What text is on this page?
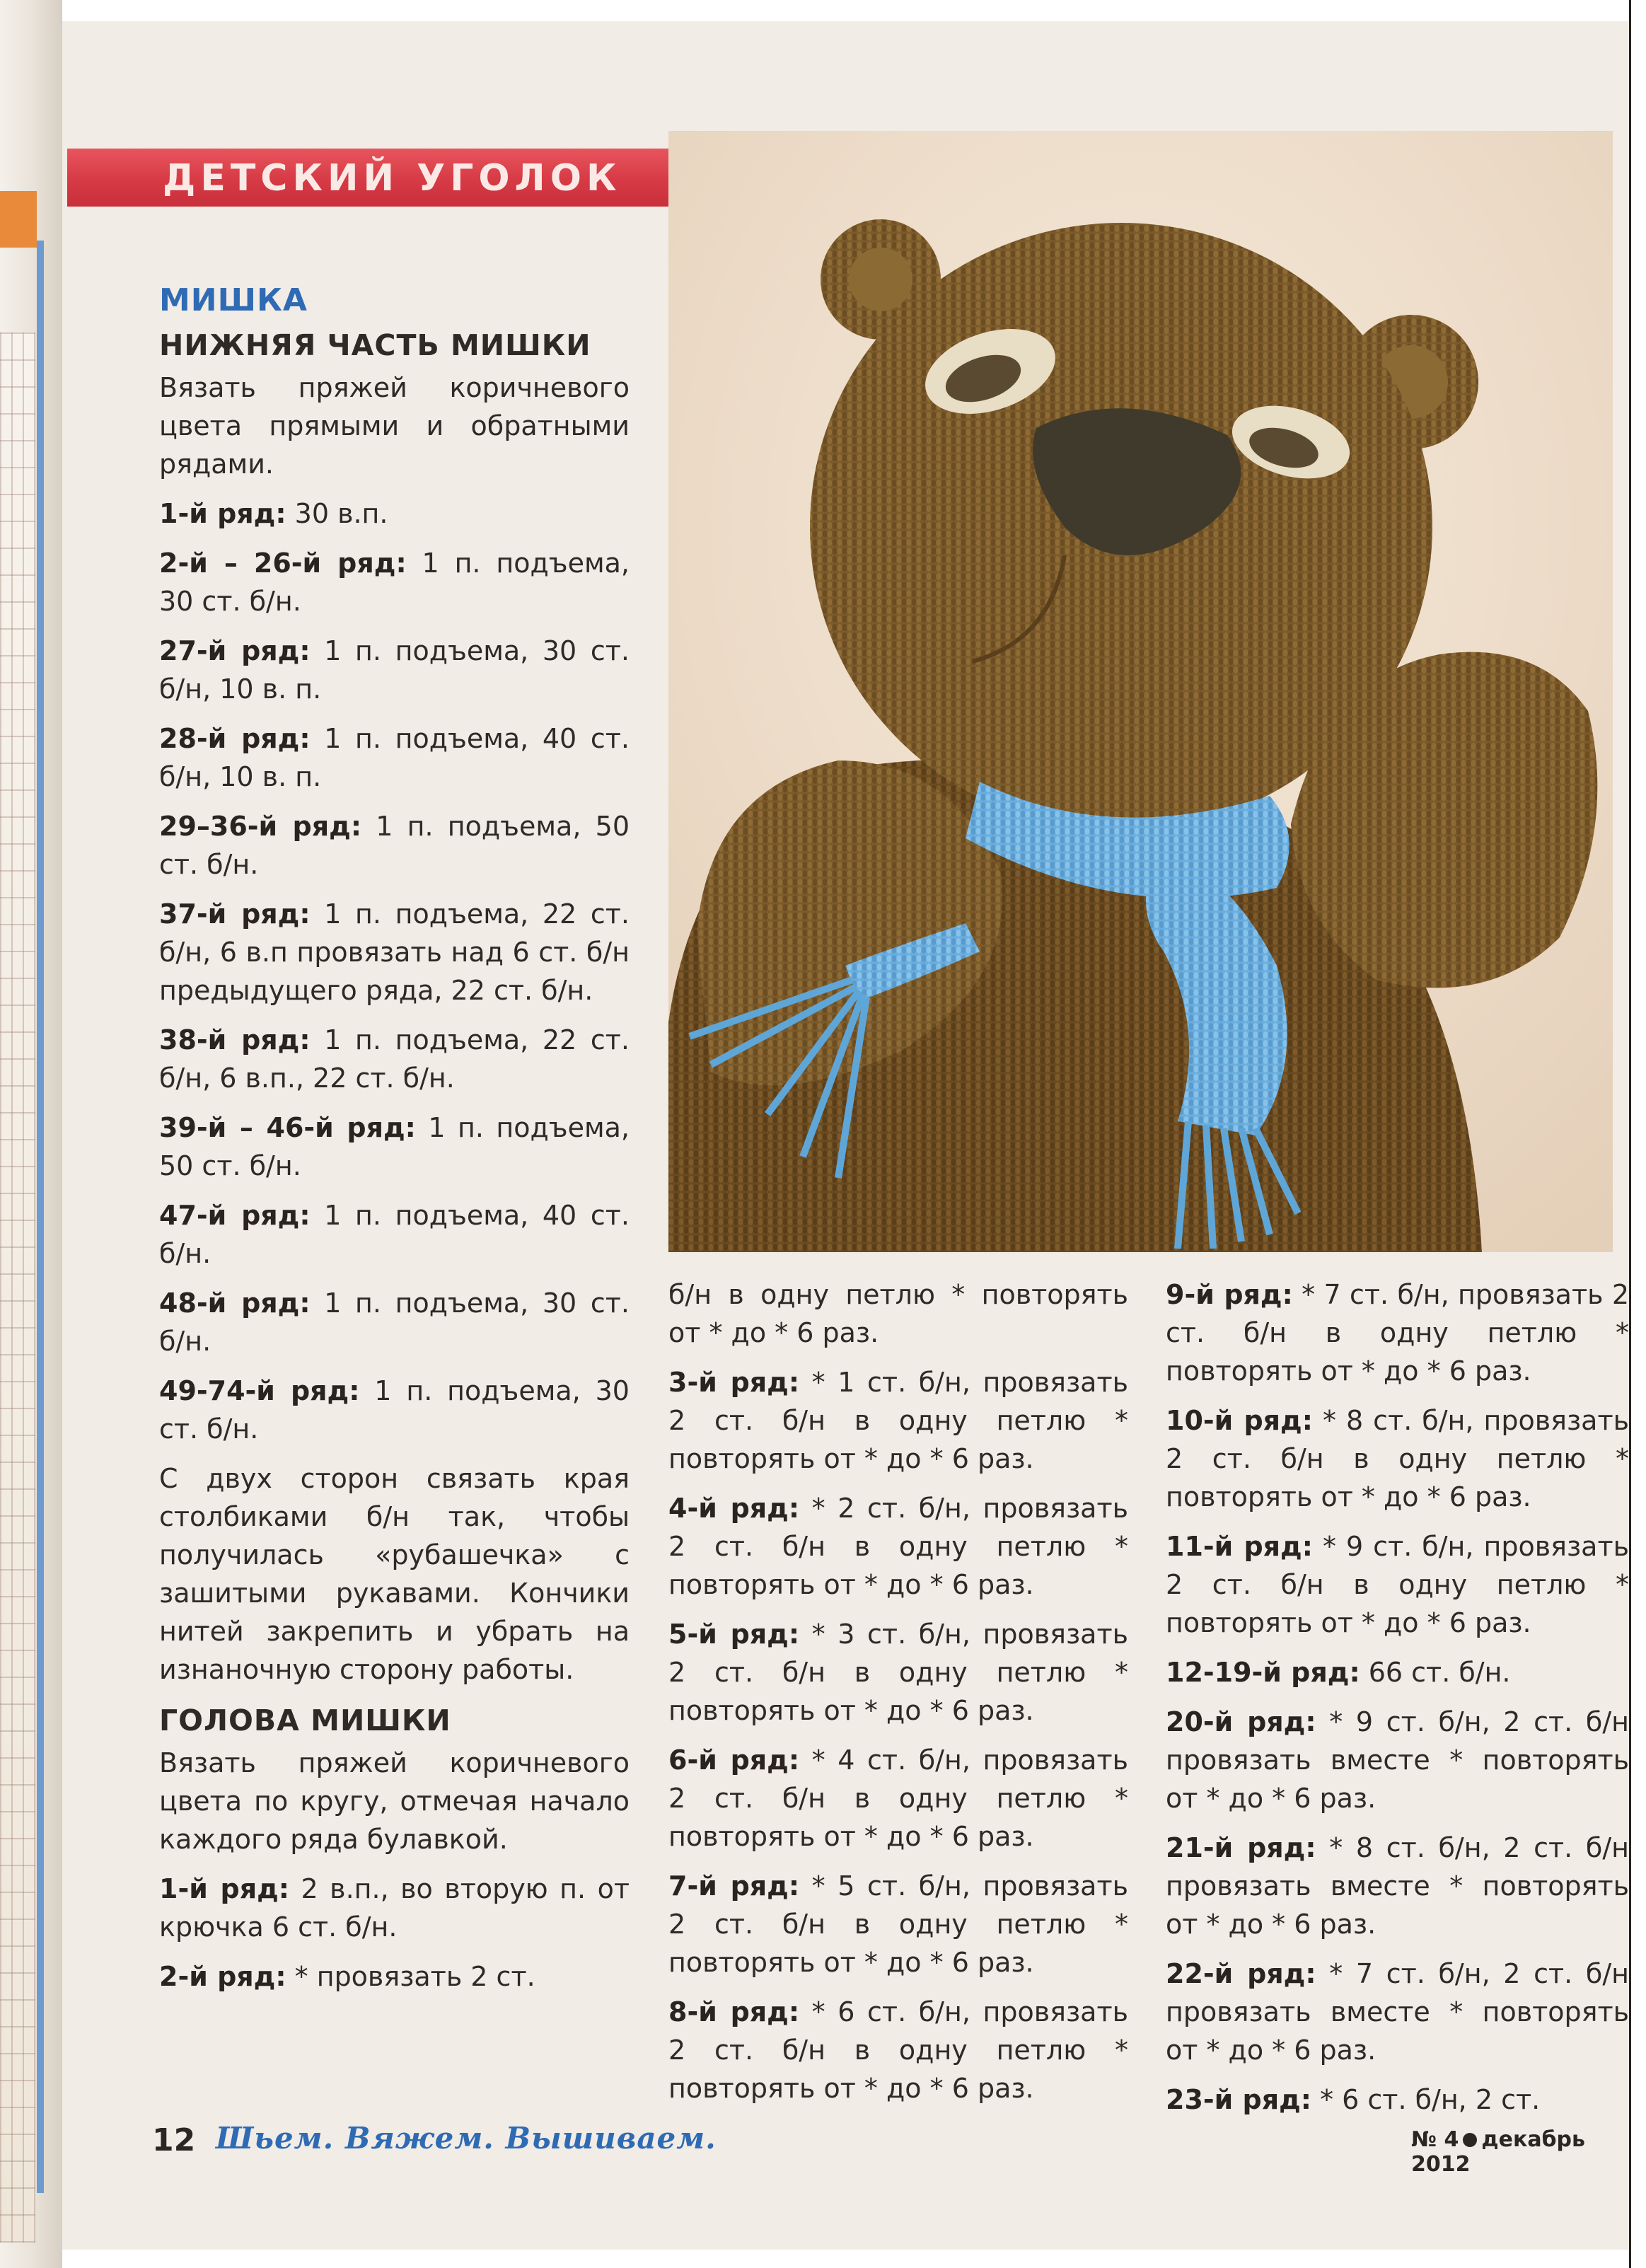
ДЕТСКИЙ УГОЛОК

МИШКА

НИЖНЯЯ ЧАСТЬ МИШКИ

Вязать пряжей коричневого цвета прямыми и обратными рядами.

1-й ряд: 30 в.п.

2-й – 26-й ряд: 1 п. подъема, 30 ст. б/н.

27-й ряд: 1 п. подъема, 30 ст. б/н, 10 в. п.

28-й ряд: 1 п. подъема, 40 ст. б/н, 10 в. п.

29–36-й ряд: 1 п. подъема, 50 ст. б/н.

37-й ряд: 1 п. подъема, 22 ст. б/н, 6 в.п провязать над 6 ст. б/н предыдущего ряда, 22 ст. б/н.

38-й ряд: 1 п. подъема, 22 ст. б/н, 6 в.п., 22 ст. б/н.

39-й – 46-й ряд: 1 п. подъема, 50 ст. б/н.

47-й ряд: 1 п. подъема, 40 ст. б/н.

48-й ряд: 1 п. подъема, 30 ст. б/н.

49-74-й ряд: 1 п. подъема, 30 ст. б/н.

С двух сторон связать края столбиками б/н так, чтобы получилась «рубашечка» с зашитыми рукавами. Кончики нитей закрепить и убрать на изнаночную сторону работы.

ГОЛОВА МИШКИ

Вязать пряжей коричневого цвета по кругу, отмечая начало каждого ряда булавкой.

1-й ряд: 2 в.п., во вторую п. от крючка 6 ст. б/н.

2-й ряд: * провязать 2 ст.

б/н в одну петлю * повторять от * до * 6 раз.

3-й ряд: * 1 ст. б/н, провязать 2 ст. б/н в одну петлю * повторять от * до * 6 раз.

4-й ряд: * 2 ст. б/н, провязать 2 ст. б/н в одну петлю * повторять от * до * 6 раз.

5-й ряд: * 3 ст. б/н, провязать 2 ст. б/н в одну петлю * повторять от * до * 6 раз.

6-й ряд: * 4 ст. б/н, провязать 2 ст. б/н в одну петлю * повторять от * до * 6 раз.

7-й ряд: * 5 ст. б/н, провязать 2 ст. б/н в одну петлю * повторять от * до * 6 раз.

8-й ряд: * 6 ст. б/н, провязать 2 ст. б/н в одну петлю * повторять от * до * 6 раз.

9-й ряд: * 7 ст. б/н, провязать 2 ст. б/н в одну петлю * повторять от * до * 6 раз.

10-й ряд: * 8 ст. б/н, провязать 2 ст. б/н в одну петлю * повторять от * до * 6 раз.

11-й ряд: * 9 ст. б/н, провязать 2 ст. б/н в одну петлю * повторять от * до * 6 раз.

12-19-й ряд: 66 ст. б/н.

20-й ряд: * 9 ст. б/н, 2 ст. б/н провязать вместе * повторять от * до * 6 раз.

21-й ряд: * 8 ст. б/н, 2 ст. б/н провязать вместе * повторять от * до * 6 раз.

22-й ряд: * 7 ст. б/н, 2 ст. б/н провязать вместе * повторять от * до * 6 раз.

23-й ряд: * 6 ст. б/н, 2 ст.

12 Шьем. Вяжем. Вышиваем.	№ 4 декабрь 2012
